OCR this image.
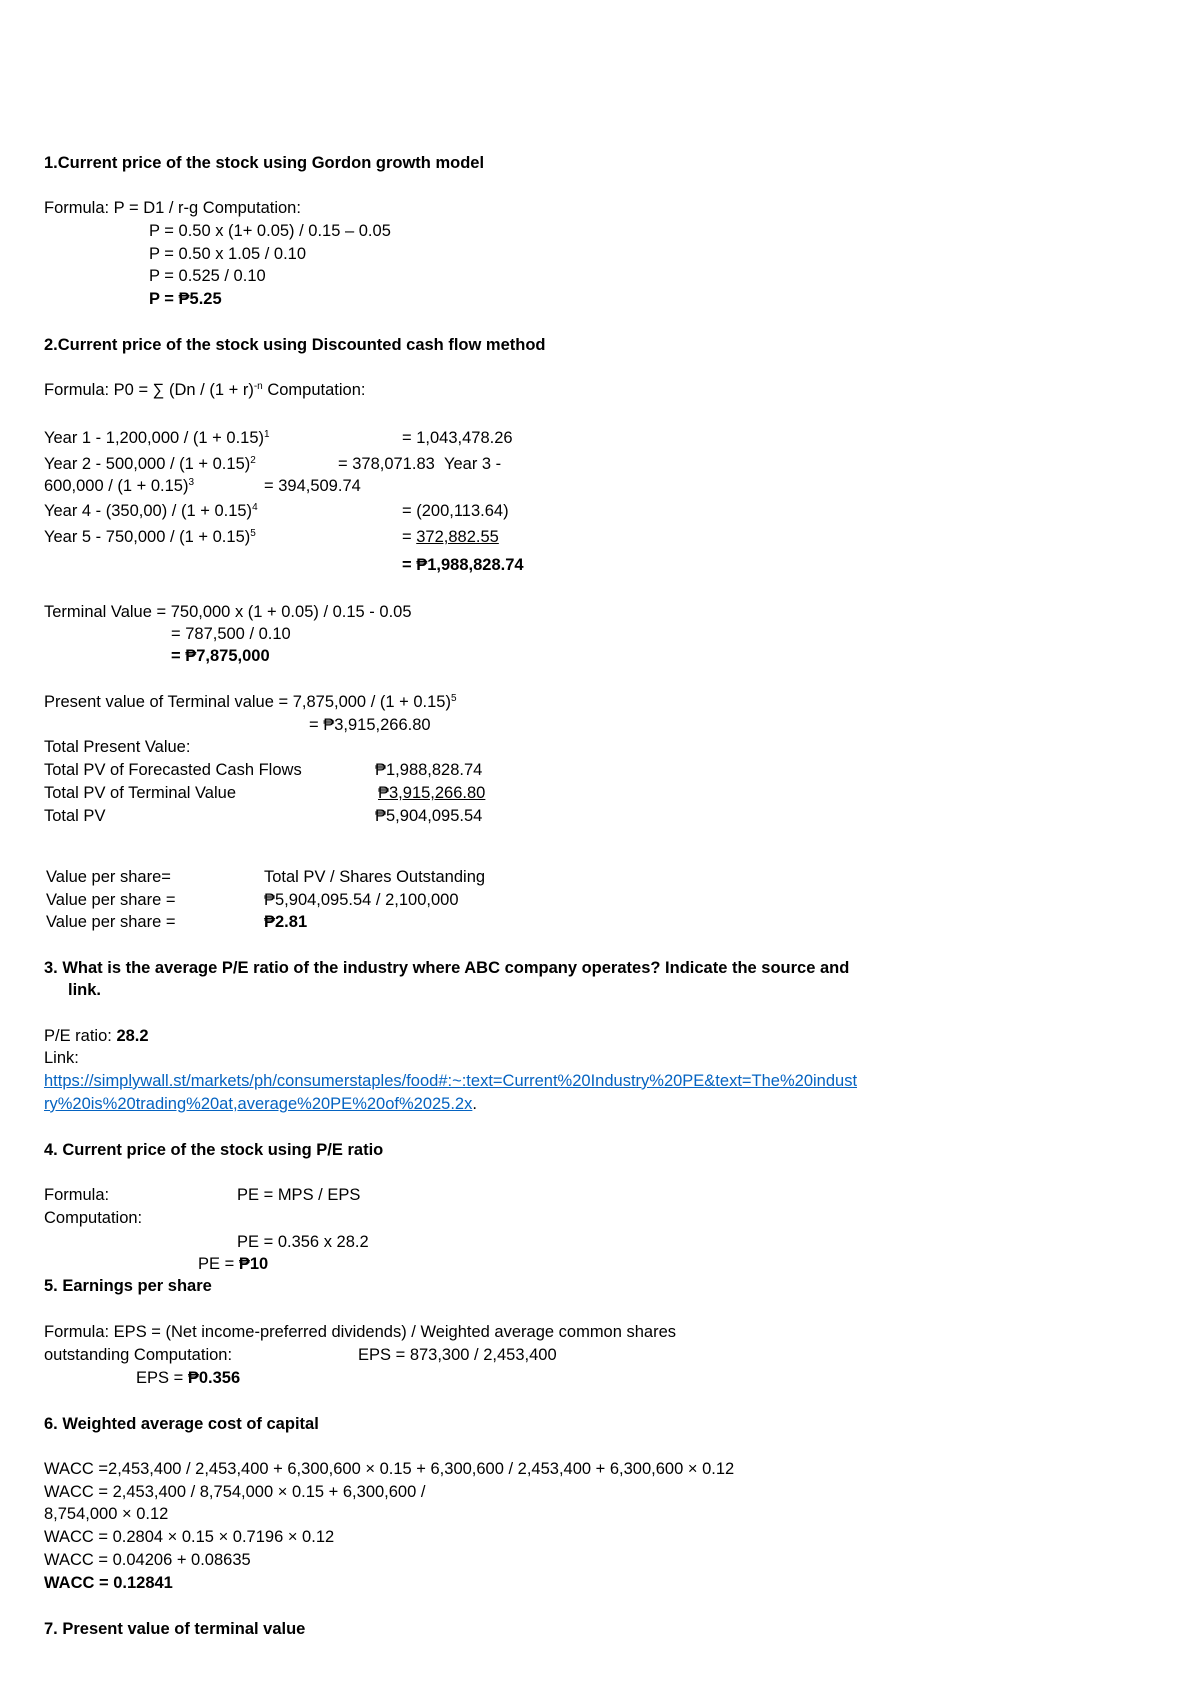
1.Current price of the stock using Gordon growth model
Formula: P = D1 / r-g Computation:
P = 0.50 x (1+ 0.05) / 0.15 – 0.05
P = 0.50 x 1.05 / 0.10
P = 0.525 / 0.10
P = ₱5.25
2.Current price of the stock using Discounted cash flow method
Formula: P0 = ∑ ($Dn / (1 + r)^{-n}$ Computation:
Year $1 - 1,200,000 / (1 + 0.15)^1$	= 1,043,478.26
Year $2 - 500,000 / (1 + 0.15)^2$	= 378,071.83 Year 3 -
$600,000 / (1 + 0.15)^3$	= 394,509.74
Year $4 - (350,00) / (1 + 0.15)^4$	= (200,113.64)
Year $5 - 750,000 / (1 + 0.15)^5$	= 372,882.55
= ₱1,988,828.74
Terminal Value = 750,000 x (1 + 0.05) / 0.15 - 0.05
= 787,500 / 0.10
= ₱7,875,000
Present value of Terminal value = $7,875,000 / (1 + 0.15)^5$
= ₱3,915,266.80
Total Present Value:
Total PV of Forecasted Cash Flows	₱1,988,828.74
Total PV of Terminal Value	₱3,915,266.80
Total PV	₱5,904,095.54
Value per share=	Total PV / Shares Outstanding
Value per share =	₱5,904,095.54 / 2,100,000
Value per share =	₱2.81
3. What is the average P/E ratio of the industry where ABC company operates? Indicate the source and
link.
P/E ratio: 28.2
Link:
https://simplywall.st/markets/ph/consumerstaples/food#:~:text=Current%20Industry%20PE&text=The%20indust
ry%20is%20trading%20at,average%20PE%20of%2025.2x.
4. Current price of the stock using P/E ratio
Formula:	PE = MPS / EPS
Computation:
PE = 0.356 x 28.2
PE = ₱10
5. Earnings per share
Formula: EPS = (Net income-preferred dividends) / Weighted average common shares
outstanding Computation:	EPS = 873,300 / 2,453,400
EPS = ₱0.356
6. Weighted average cost of capital
WACC =2,453,400 / 2,453,400 + 6,300,600 × 0.15 + 6,300,600 / 2,453,400 + 6,300,600 × 0.12
WACC = 2,453,400 / 8,754,000 × 0.15 + 6,300,600 /
8,754,000 × 0.12
WACC = 0.2804 × 0.15 × 0.7196 × 0.12
WACC = 0.04206 + 0.08635
WACC = 0.12841
7. Present value of terminal value
